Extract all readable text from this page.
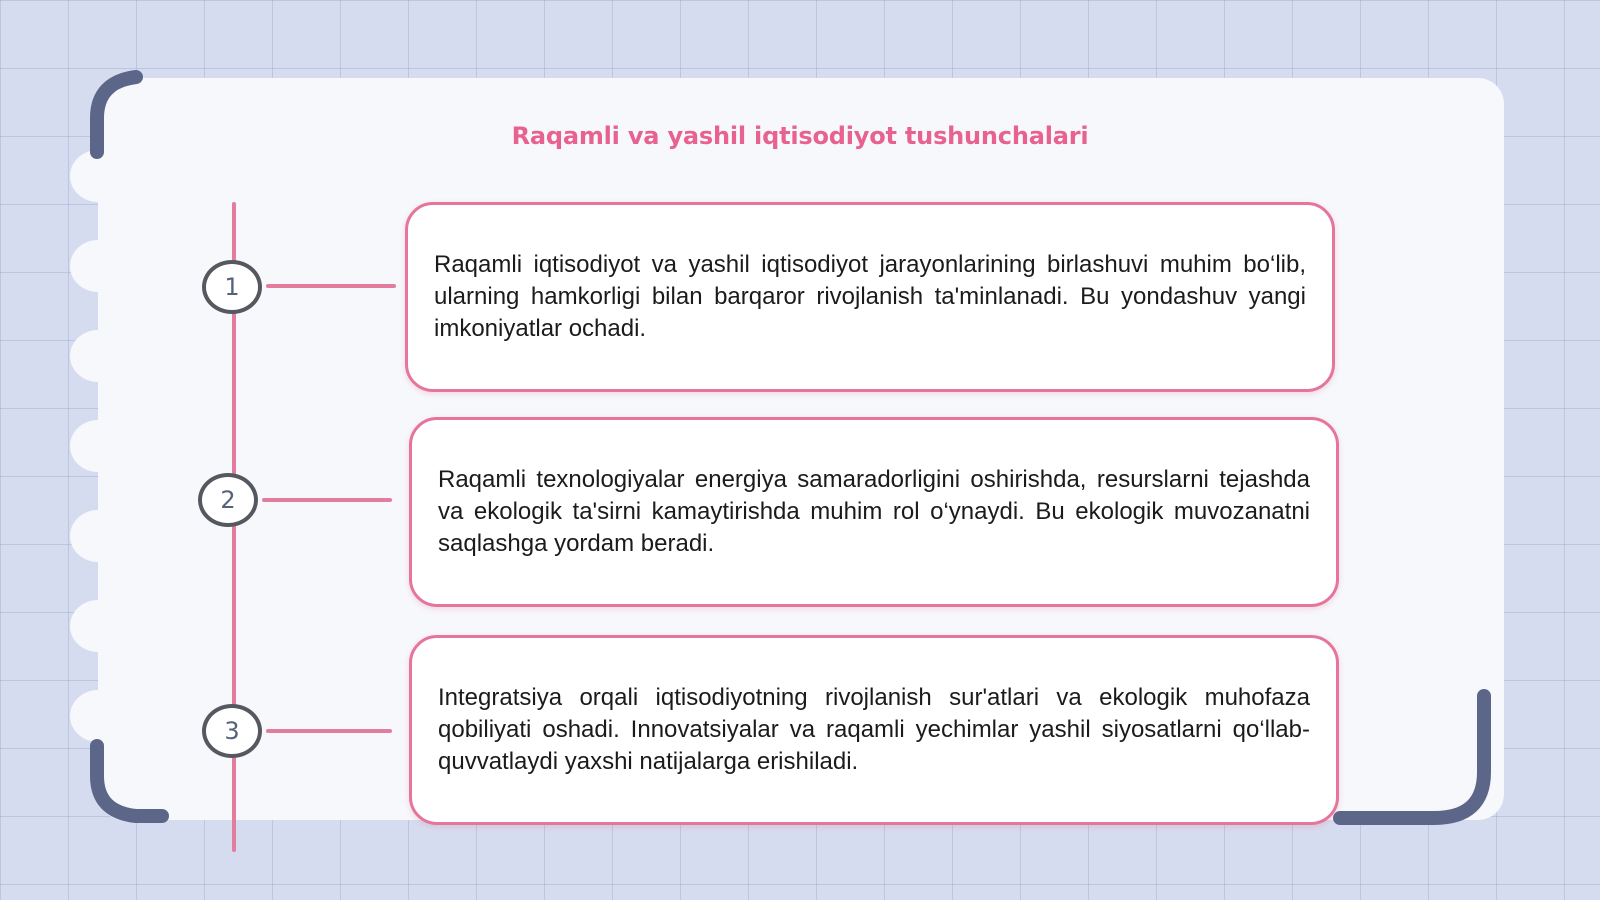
Raqamli va yashil iqtisodiyot tushunchalari
1

Raqamli iqtisodiyot va yashil iqtisodiyot jarayonlarining birlashuvi muhim bo‘lib, ularning hamkorligi bilan barqaror rivojlanish ta'minlanadi. Bu yondashuv yangi imkoniyatlar ochadi.

2

Raqamli texnologiyalar energiya samaradorligini oshirishda, resurslarni tejashda va ekologik ta'sirni kamaytirishda muhim rol o‘ynaydi. Bu ekologik muvozanatni saqlashga yordam beradi.

3

Integratsiya orqali iqtisodiyotning rivojlanish sur'atlari va ekologik muhofaza qobiliyati oshadi. Innovatsiyalar va raqamli yechimlar yashil siyosatlarni qo‘llab-quvvatlaydi yaxshi natijalarga erishiladi.
